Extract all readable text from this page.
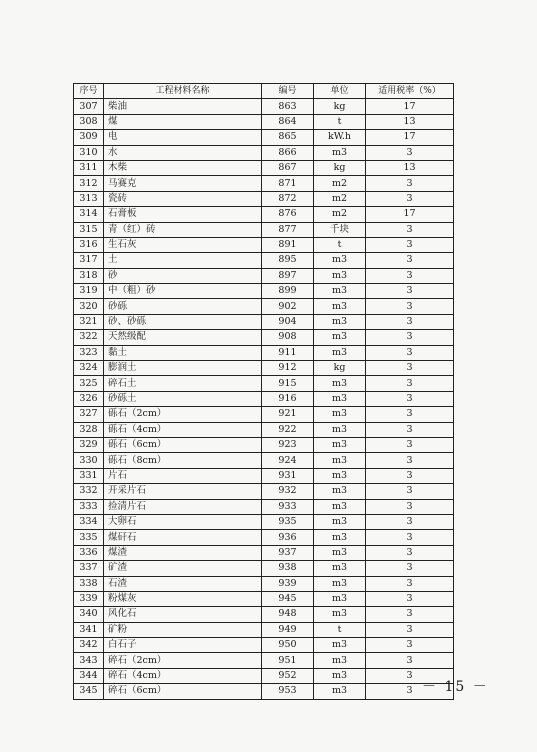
序号	工程材料名称	编号	单位	适用税率（%）
307	柴油	863	kg	17
308	煤	864	t	13
309	电	865	kW.h	17
310	水	866	m3	3
311	木柴	867	kg	13
312	马赛克	871	m2	3
313	瓷砖	872	m2	3
314	石膏板	876	m2	17
315	青（红）砖	877	千块	3
316	生石灰	891	t	3
317	土	895	m3	3
318	砂	897	m3	3
319	中（粗）砂	899	m3	3
320	砂砾	902	m3	3
321	砂、砂砾	904	m3	3
322	天然级配	908	m3	3
323	黏土	911	m3	3
324	膨润土	912	kg	3
325	碎石土	915	m3	3
326	砂砾土	916	m3	3
327	砾石（2cm）	921	m3	3
328	砾石（4cm）	922	m3	3
329	砾石（6cm）	923	m3	3
330	砾石（8cm）	924	m3	3
331	片石	931	m3	3
332	开采片石	932	m3	3
333	捡清片石	933	m3	3
334	大卵石	935	m3	3
335	煤矸石	936	m3	3
336	煤渣	937	m3	3
337	矿渣	938	m3	3
338	石渣	939	m3	3
339	粉煤灰	945	m3	3
340	风化石	948	m3	3
341	矿粉	949	t	3
342	白石子	950	m3	3
343	碎石（2cm）	951	m3	3
344	碎石（4cm）	952	m3	3
345	碎石（6cm）	953	m3	3 － 15 －
